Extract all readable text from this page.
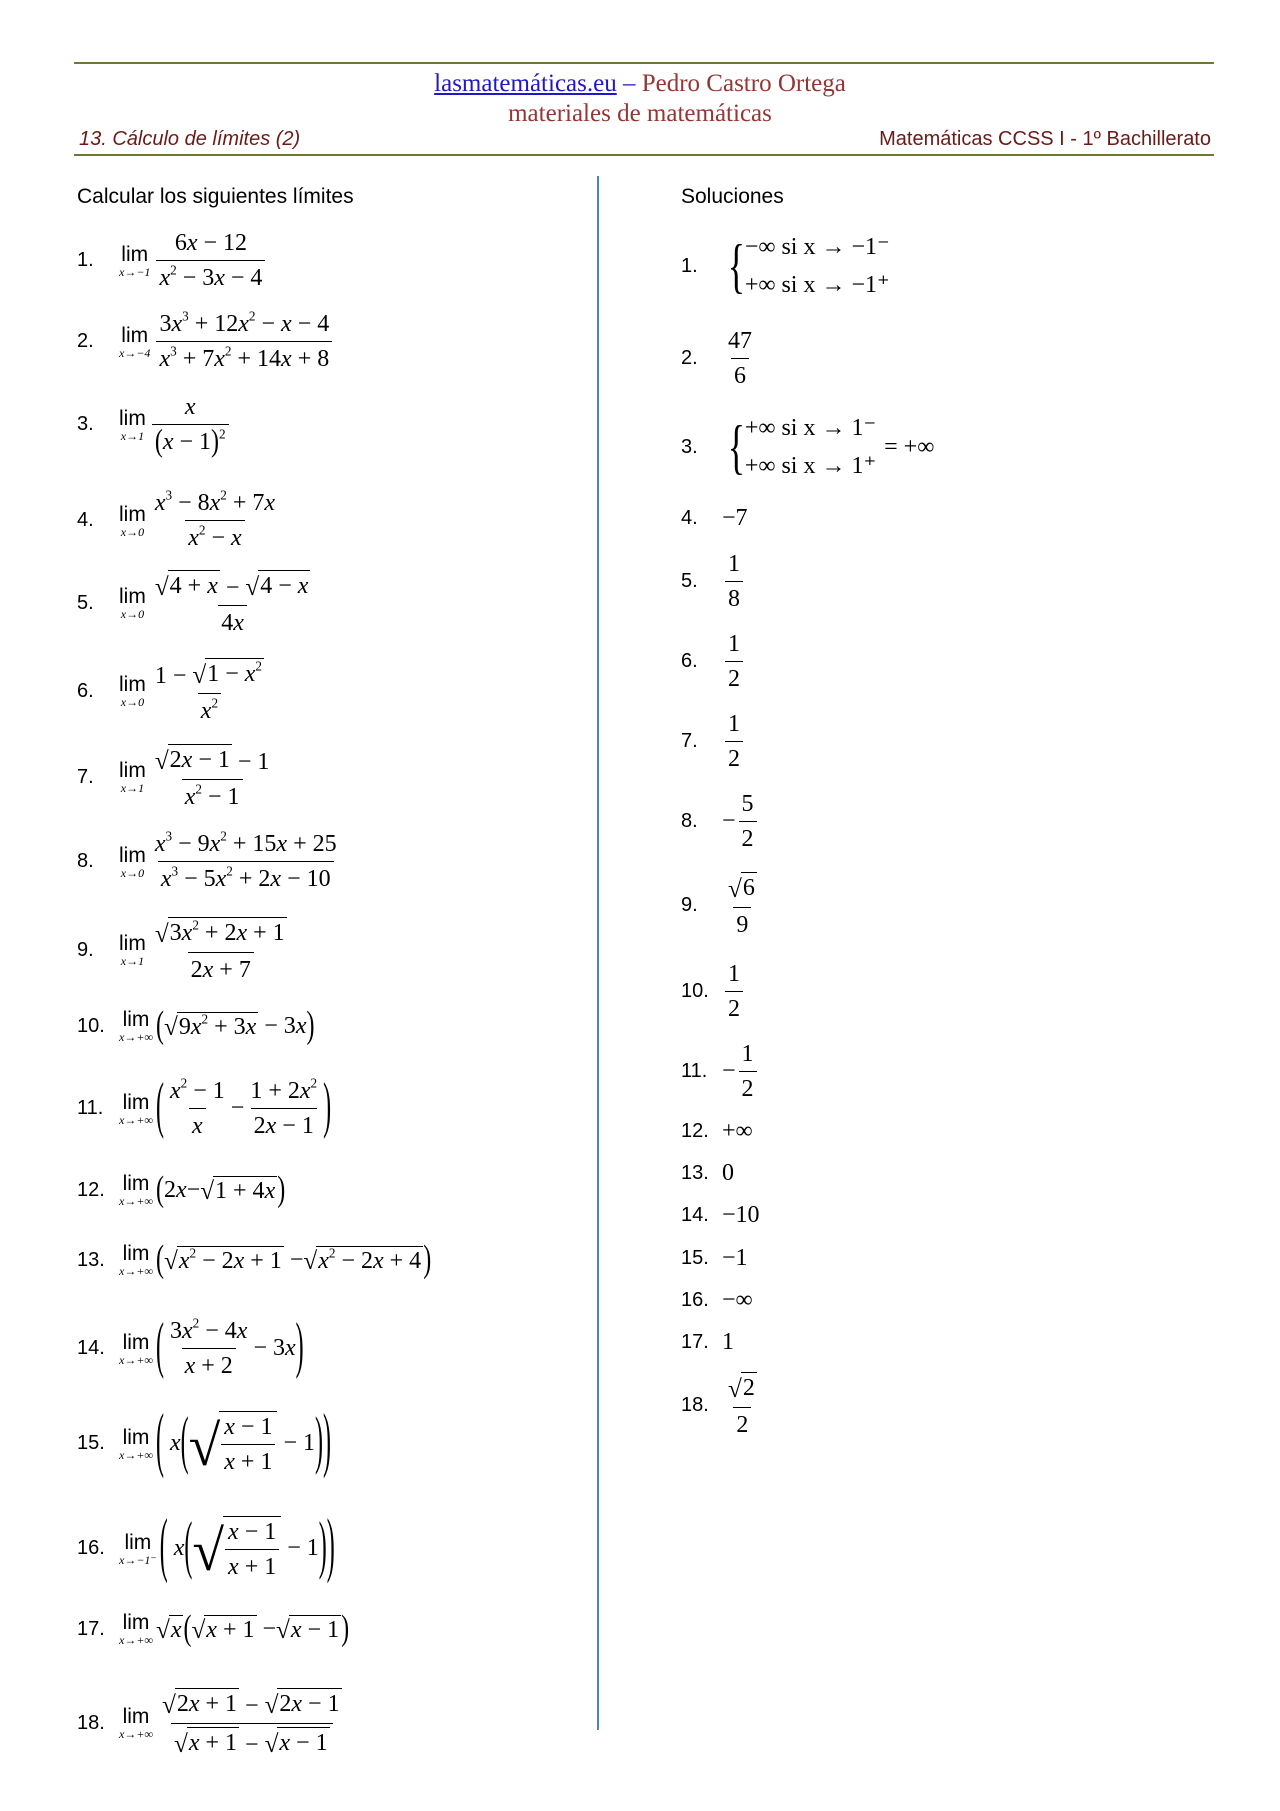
lasmatemáticas.eu – Pedro Castro Ortega
materiales de matemáticas
13. Cálculo de límites (2)	Matemáticas CCSS I - 1º Bachillerato
Calcular los siguientes límites	Soluciones
1.	lim
$x\to-1 \frac{6x - 12}{x^2 - 3x - 4}$
2.	lim
$x\to-4 \frac{3x^3 + 12x^2 - x - 4}{x^3 + 7x^2 + 14x + 8}$
3.	lim
$x\to 1 \frac{x}{(x - 1)^2}$
4.	lim
$x\to 0 \frac{x^3 - 8x^2 + 7x}{x^2 - x}$
5.	lim
$x\to 0 \frac{√ 4 + x - √ 4 - x}{4x}$
6.	lim
$x\to 0 \frac{1 - √ 1 - x^2}{x^2}$
7.	lim
$x\to 1 \frac{√ 2x - 1 - 1}{x^2 - 1}$
8.	lim
$x\to 0 \frac{x^3 - 9x^2 + 15x + 25}{x^3 - 5x^2 + 2x - 10}$
9.	lim
$x\to 1 \frac{√ 3x^2 + 2x + 1}{2x + 7}$
10. lim
x→+∞ ( √ $9x^2 + 3x - 3$ x )
11. lim
x→+∞ ( $\frac{x^2 - 1}{x} - \frac{1 + 2x^2}{2x - 1}$ )
12. lim
x→+∞ ( 2 x − √ 1 + 4x )
13. lim
x→+∞ ( √ $x^2 - 2x + 1$ − √ $x^2 - 2x + 4$ )
14. lim
x→+∞ ( $\frac{3x^2 - 4x}{x + 2} - 3$ x )
15. lim
x→+∞ (
x ( √ $\frac{x - 1}{x + 1} - 1$ ) )
16. lim
x→−1⁻ (
x ( √ $\frac{x - 1}{x + 1} - 1$ ) )
17. lim
x→+∞ √ x ( √ x + 1 − √ x − 1 )
18. lim
$x\to+\infty \frac{√ 2x + 1 - √ 2x - 1}{√ x + 1 - √ x - 1}$
1. { −∞ si x → −1⁻
+∞ si x → −1⁺
2.	$\frac{47}{6}$
3. { +∞ si x → 1⁻
+∞ si x → 1⁺
= +∞
4.	−7
5.	$\frac{1}{8}$
6.	$\frac{1}{2}$
7.	$\frac{1}{2}$
8.	− $\frac{5}{2}$
9.	$\frac{√ 6}{9}$
10. $\frac{1}{2}$
11. − $\frac{1}{2}$
12. +∞
13. 0
14. −10
15. −1
16. −∞
17. 1
18. $\frac{√ 2}{2}$
